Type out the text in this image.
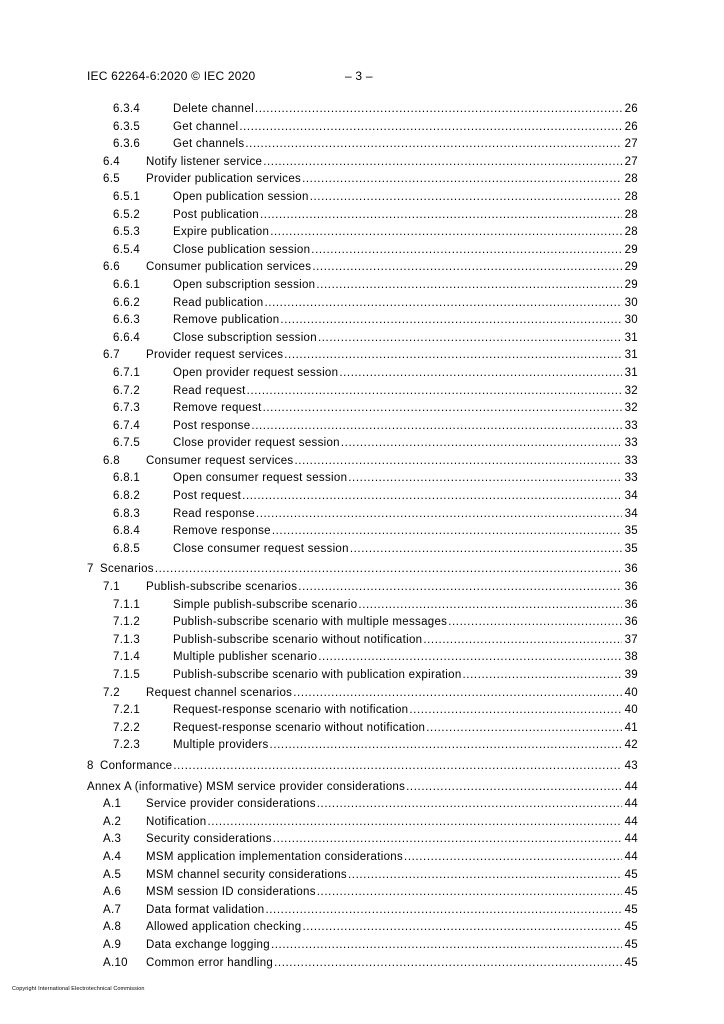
IEC 62264-6:2020 © IEC 2020	– 3 –
6.3.4	Delete channel .....	26
6.3.5	Get channel .....	26
6.3.6	Get channels .....	27
6.4 Notify listener service .....	27
6.5 Provider publication services .....	28
6.5.1	Open publication session .....	28
6.5.2	Post publication .....	28
6.5.3	Expire publication .....	28
6.5.4	Close publication session .....	29
6.6 Consumer publication services .....	29
6.6.1	Open subscription session .....	29
6.6.2	Read publication .....	30
6.6.3	Remove publication .....	30
6.6.4	Close subscription session .....	31
6.7 Provider request services .....	31
6.7.1	Open provider request session .....	31
6.7.2	Read request .....	32
6.7.3	Remove request .....	32
6.7.4	Post response .....	33
6.7.5	Close provider request session .....	33
6.8 Consumer request services .....	33
6.8.1	Open consumer request session .....	33
6.8.2	Post request .....	34
6.8.3	Read response .....	34
6.8.4	Remove response .....	35
6.8.5	Close consumer request session .....	35
7 Scenarios .....	36
7.1 Publish-subscribe scenarios .....	36
7.1.1	Simple publish-subscribe scenario .....	36
7.1.2	Publish-subscribe scenario with multiple messages .....	36
7.1.3	Publish-subscribe scenario without notification .....	37
7.1.4	Multiple publisher scenario .....	38
7.1.5	Publish-subscribe scenario with publication expiration .....	39
7.2 Request channel scenarios .....	40
7.2.1	Request-response scenario with notification .....	40
7.2.2	Request-response scenario without notification .....	41
7.2.3	Multiple providers .....	42
8 Conformance .....	43
Annex A (informative) MSM service provider considerations .....	44
A.1 Service provider considerations .....	44
A.2 Notification .....	44
A.3 Security considerations .....	44
A.4 MSM application implementation considerations .....	44
A.5 MSM channel security considerations .....	45
A.6 MSM session ID considerations .....	45
A.7 Data format validation .....	45
A.8 Allowed application checking .....	45
A.9 Data exchange logging .....	45
A.10 Common error handling .....	45
Copyright International Electrotechnical Commission
